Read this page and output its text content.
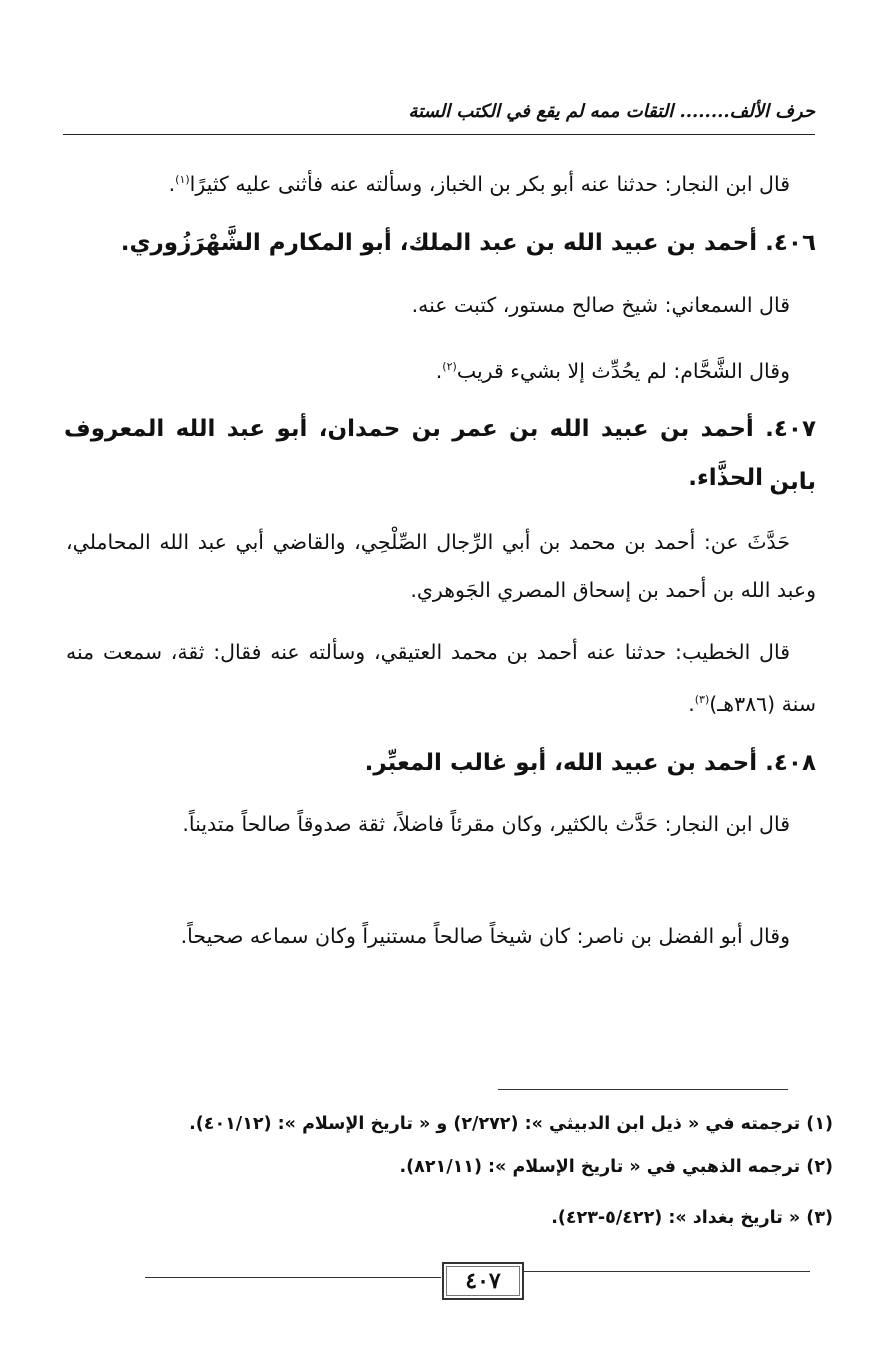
حرف الألف........ التقات ممه لم يقع في الكتب الستة
قال ابن النجار: حدثنا عنه أبو بكر بن الخباز، وسألته عنه فأثنى عليه كثيرًا$^{(١)}$.
٤٠٦. أحمد بن عبيد الله بن عبد الملك، أبو المكارم الشَّهْرَزُوري.
قال السمعاني: شيخ صالح مستور، كتبت عنه.
وقال الشَّحَّام: لم يحُدِّث إلا بشيء قريب$^{(٢)}$.
٤٠٧. أحمد بن عبيد الله بن عمر بن حمدان، أبو عبد الله المعروف بابن
الحذَّاء.
حَدَّثَ عن: أحمد بن محمد بن أبي الرِّجال الصِّلْحِي، والقاضي أبي عبد الله المحاملي، وعبد الله بن أحمد بن إسحاق المصري الجَوهري.
قال الخطيب: حدثنا عنه أحمد بن محمد العتيقي، وسألته عنه فقال: ثقة، سمعت منه سنة (٣٨٦هـ)$^{(٣)}$.
٤٠٨. أحمد بن عبيد الله، أبو غالب المعبِّر.
قال ابن النجار: حَدَّث بالكثير، وكان مقرئاً فاضلاً، ثقة صدوقاً صالحاً متديناً.
وقال أبو الفضل بن ناصر: كان شيخاً صالحاً مستنيراً وكان سماعه صحيحاً.
(١) ترجمته في « ذيل ابن الدبيثي »: (٢/٢٧٢) و « تاريخ الإسلام »: (٤٠١/١٢).
(٢) ترجمه الذهبي في « تاريخ الإسلام »: (٨٢١/١١).
(٣) « تاريخ بغداد »: (٥/٤٢٢-٤٢٣).
٤٠٧
